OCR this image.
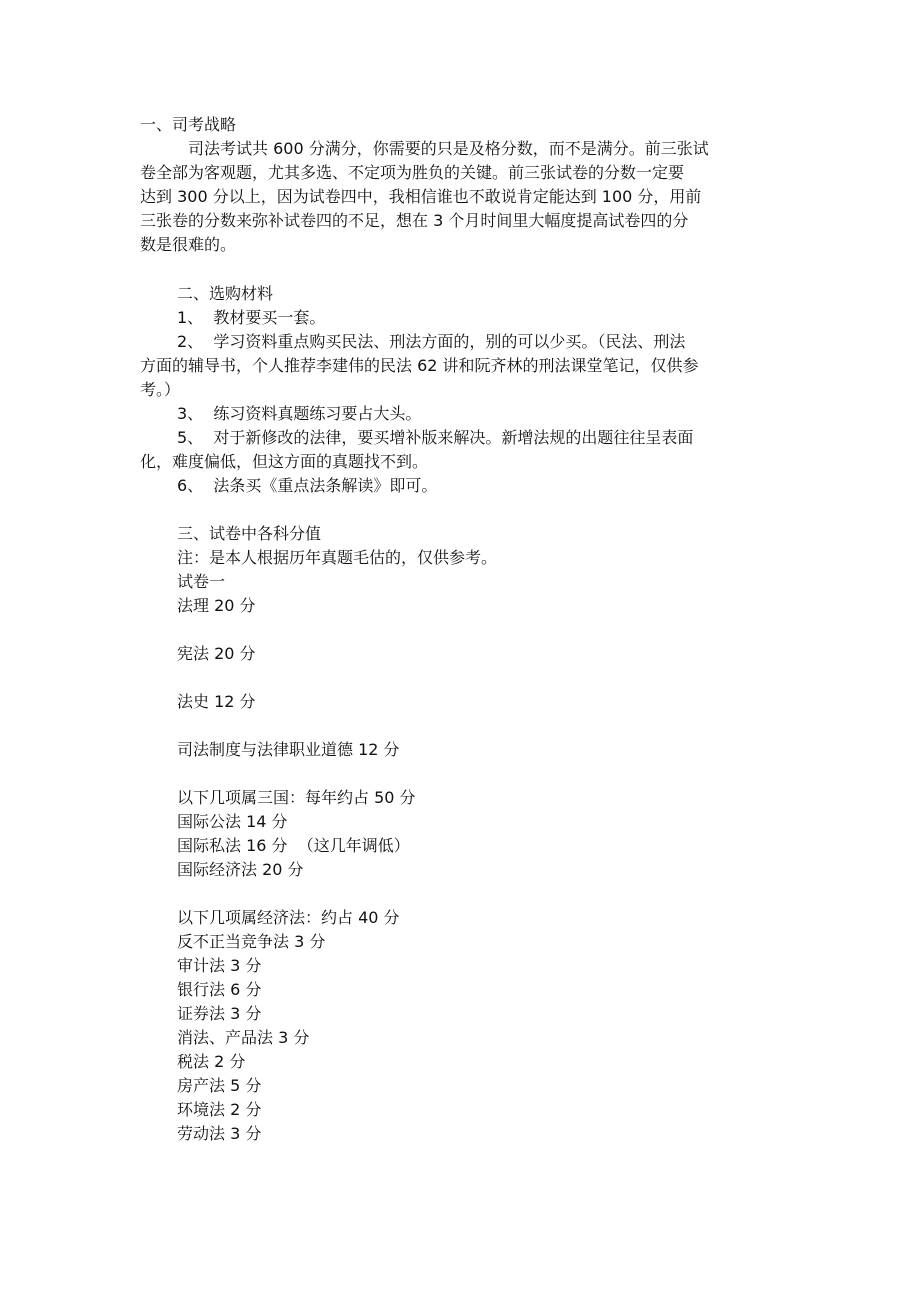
一、司考战略
司法考试共 600 分满分，你需要的只是及格分数，而不是满分。前三张试
卷全部为客观题，尤其多选、不定项为胜负的关键。前三张试卷的分数一定要
达到 300 分以上，因为试卷四中，我相信谁也不敢说肯定能达到 100 分，用前
三张卷的分数来弥补试卷四的不足，想在 3 个月时间里大幅度提高试卷四的分
数是很难的。
二、选购材料
1、  教材要买一套。
2、  学习资料重点购买民法、刑法方面的，别的可以少买。（民法、刑法
方面的辅导书，个人推荐李建伟的民法 62 讲和阮齐林的刑法课堂笔记，仅供参
考。）
3、  练习资料真题练习要占大头。
5、  对于新修改的法律，要买增补版来解决。新增法规的出题往往呈表面
化，难度偏低，但这方面的真题找不到。
6、  法条买《重点法条解读》即可。
三、试卷中各科分值
注：是本人根据历年真题毛估的，仅供参考。
试卷一
法理 20 分
宪法 20 分
法史 12 分
司法制度与法律职业道德 12 分
以下几项属三国：每年约占 50 分
国际公法 14 分
国际私法 16 分  （这几年调低）
国际经济法 20 分
以下几项属经济法：约占 40 分
反不正当竞争法 3 分
审计法 3 分
银行法 6 分
证券法 3 分
消法、产品法 3 分
税法 2 分
房产法 5 分
环境法 2 分
劳动法 3 分
